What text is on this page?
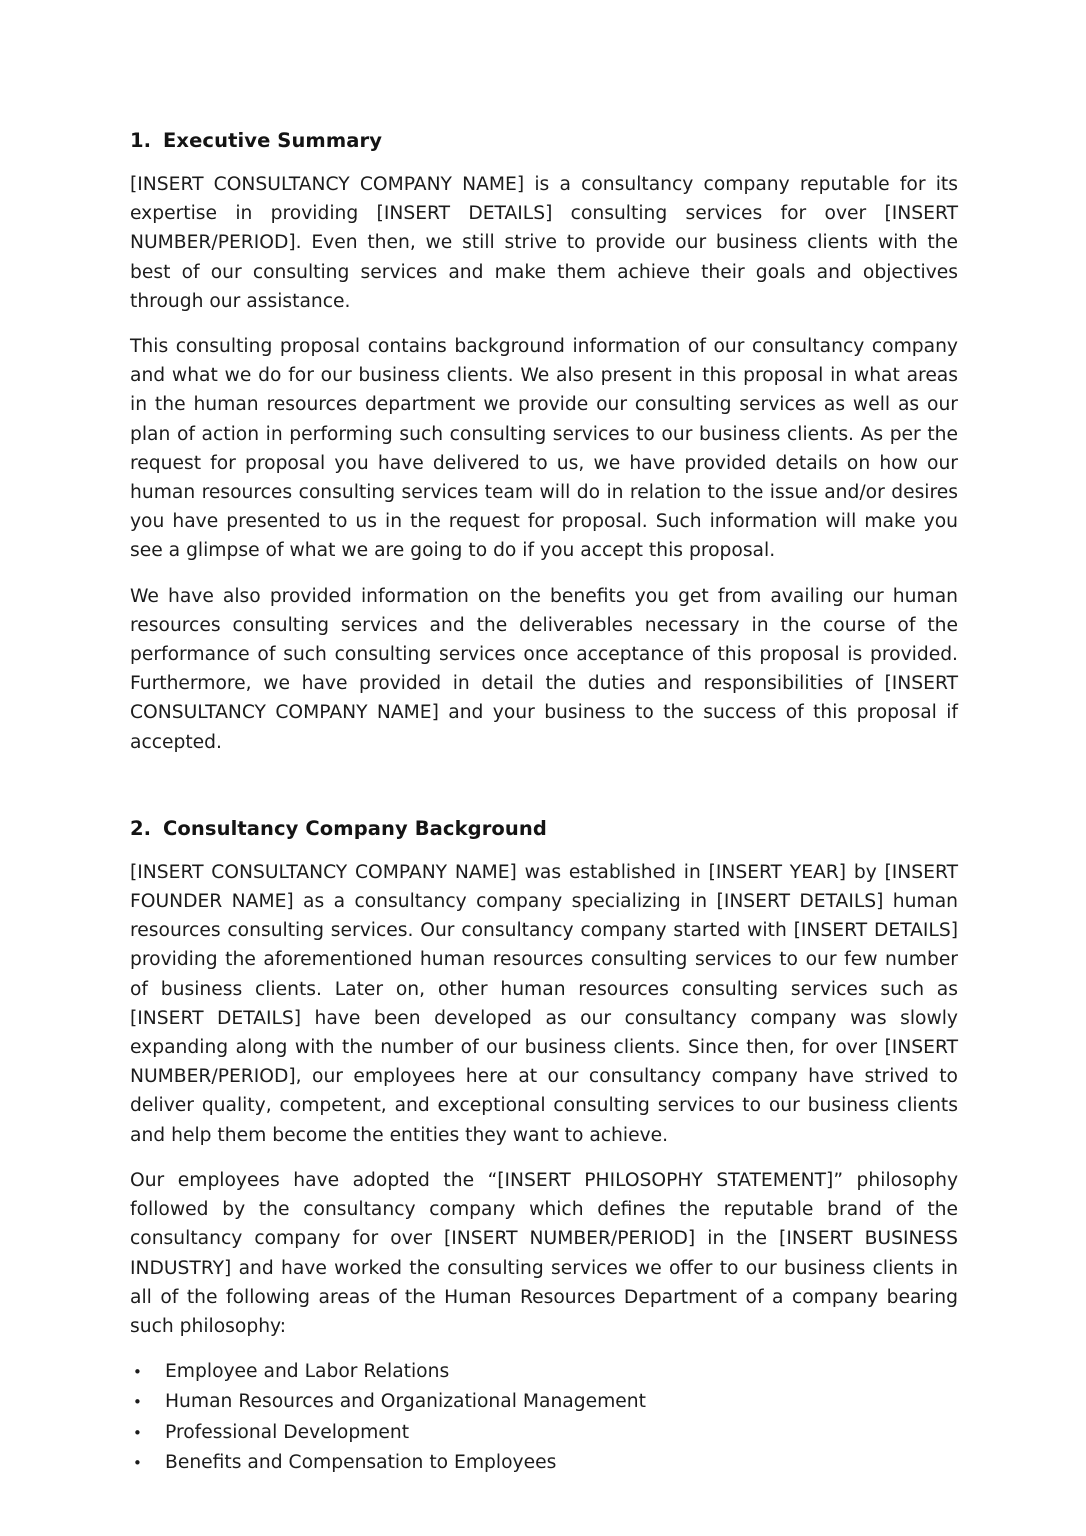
1. Executive Summary

[INSERT CONSULTANCY COMPANY NAME] is a consultancy company reputable for its expertise in providing [INSERT DETAILS] consulting services for over [INSERT NUMBER/PERIOD]. Even then, we still strive to provide our business clients with the best of our consulting services and make them achieve their goals and objectives through our assistance.

This consulting proposal contains background information of our consultancy company and what we do for our business clients. We also present in this proposal in what areas in the human resources department we provide our consulting services as well as our plan of action in performing such consulting services to our business clients. As per the request for proposal you have delivered to us, we have provided details on how our human resources consulting services team will do in relation to the issue and/or desires you have presented to us in the request for proposal. Such information will make you see a glimpse of what we are going to do if you accept this proposal.

We have also provided information on the benefits you get from availing our human resources consulting services and the deliverables necessary in the course of the performance of such consulting services once acceptance of this proposal is provided. Furthermore, we have provided in detail the duties and responsibilities of [INSERT CONSULTANCY COMPANY NAME] and your business to the success of this proposal if accepted.

2. Consultancy Company Background

[INSERT CONSULTANCY COMPANY NAME] was established in [INSERT YEAR] by [INSERT FOUNDER NAME] as a consultancy company specializing in [INSERT DETAILS] human resources consulting services. Our consultancy company started with [INSERT DETAILS] providing the aforementioned human resources consulting services to our few number of business clients. Later on, other human resources consulting services such as [INSERT DETAILS] have been developed as our consultancy company was slowly expanding along with the number of our business clients. Since then, for over [INSERT NUMBER/PERIOD], our employees here at our consultancy company have strived to deliver quality, competent, and exceptional consulting services to our business clients and help them become the entities they want to achieve.

Our employees have adopted the “[INSERT PHILOSOPHY STATEMENT]” philosophy followed by the consultancy company which defines the reputable brand of the consultancy company for over [INSERT NUMBER/PERIOD] in the [INSERT BUSINESS INDUSTRY] and have worked the consulting services we offer to our business clients in all of the following areas of the Human Resources Department of a company bearing such philosophy:

•	Employee and Labor Relations
•	Human Resources and Organizational Management
•	Professional Development
•	Benefits and Compensation to Employees
